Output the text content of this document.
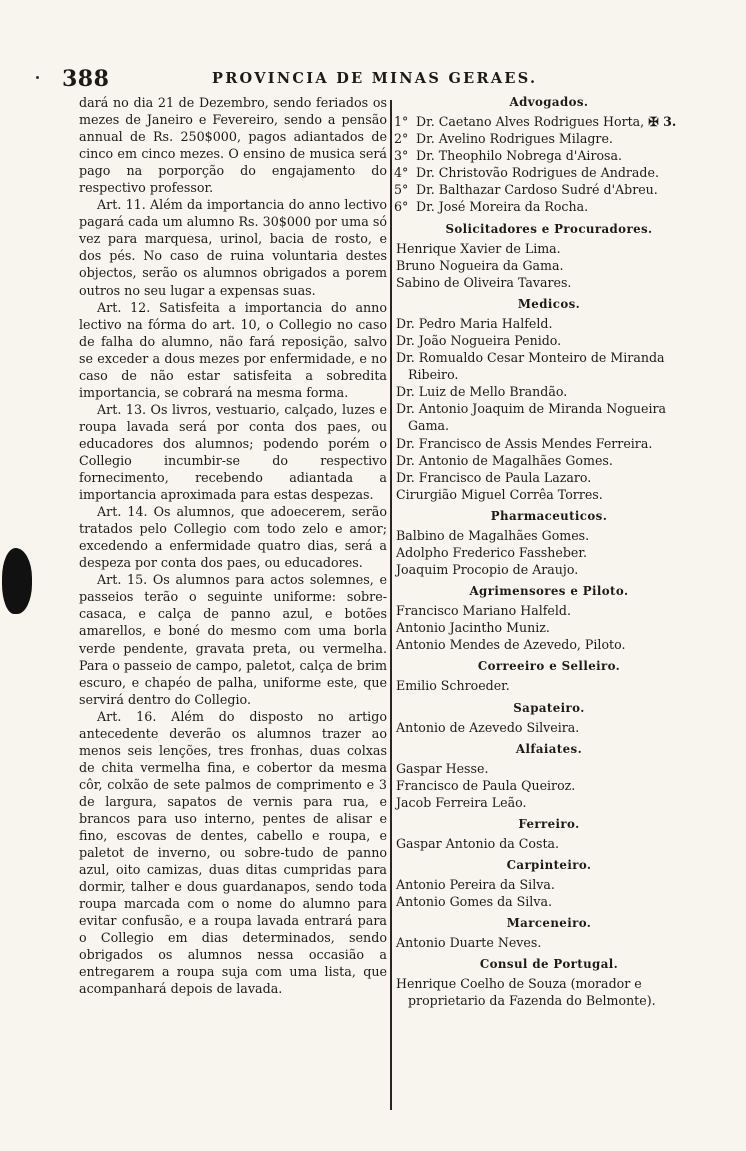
388	PROVINCIA DE MINAS GERAES.

dará no dia 21 de Dezembro, sendo feriados os mezes de Janeiro e Fevereiro, sendo a pensão annual de Rs. 250$000, pagos adiantados de cinco em cinco mezes. O ensino de musica será pago na porporção do engajamento do respectivo professor.

Art. 11. Além da importancia do anno lectivo pagará cada um alumno Rs. 30$000 por uma só vez para marquesa, urinol, bacia de rosto, e dos pés. No caso de ruina voluntaria destes objectos, serão os alumnos obrigados a porem outros no seu lugar a expensas suas.

Art. 12. Satisfeita a importancia do anno lectivo na fórma do art. 10, o Collegio no caso de falha do alumno, não fará reposição, salvo se exceder a dous mezes por enfermidade, e no caso de não estar satisfeita a sobredita importancia, se cobrará na mesma forma.

Art. 13. Os livros, vestuario, calçado, luzes e roupa lavada será por conta dos paes, ou educadores dos alumnos; podendo porém o Collegio incumbir-se do respectivo fornecimento, recebendo adiantada a importancia aproximada para estas despezas.

Art. 14. Os alumnos, que adoecerem, serão tratados pelo Collegio com todo zelo e amor; excedendo a enfermidade quatro dias, será a despeza por conta dos paes, ou educadores.

Art. 15. Os alumnos para actos solemnes, e passeios terão o seguinte uniforme: sobre-casaca, e calça de panno azul, e botões amarellos, e boné do mesmo com uma borla verde pendente, gravata preta, ou vermelha. Para o passeio de campo, paletot, calça de brim escuro, e chapéo de palha, uniforme este, que servirá dentro do Collegio.

Art. 16. Além do disposto no artigo antecedente deverão os alumnos trazer ao menos seis lenções, tres fronhas, duas colxas de chita vermelha fina, e cobertor da mesma côr, colxão de sete palmos de comprimento e 3 de largura, sapatos de vernis para rua, e brancos para uso interno, pentes de alisar e fino, escovas de dentes, cabello e roupa, e paletot de inverno, ou sobre-tudo de panno azul, oito camizas, duas ditas cumpridas para dormir, talher e dous guardanapos, sendo toda roupa marcada com o nome do alumno para evitar confusão, e a roupa lavada entrará para o Collegio em dias determinados, sendo obrigados os alumnos nessa occasião a entregarem a roupa suja com uma lista, que acompanhará depois de lavada.

Advogados.
1° Dr. Caetano Alves Rodrigues Horta, ✠ 3.
2° Dr. Avelino Rodrigues Milagre.
3° Dr. Theophilo Nobrega d'Airosa.
4° Dr. Christovão Rodrigues de Andrade.
5° Dr. Balthazar Cardoso Sudré d'Abreu.
6° Dr. José Moreira da Rocha.
Solicitadores e Procuradores.
Henrique Xavier de Lima.
Bruno Nogueira da Gama.
Sabino de Oliveira Tavares.
Medicos.
Dr. Pedro Maria Halfeld.
Dr. João Nogueira Penido.
Dr. Romualdo Cesar Monteiro de Miranda Ribeiro.
Dr. Luiz de Mello Brandão.
Dr. Antonio Joaquim de Miranda Nogueira Gama.
Dr. Francisco de Assis Mendes Ferreira.
Dr. Antonio de Magalhães Gomes.
Dr. Francisco de Paula Lazaro.
Cirurgião Miguel Corrêa Torres.
Pharmaceuticos.
Balbino de Magalhães Gomes.
Adolpho Frederico Fassheber.
Joaquim Procopio de Araujo.
Agrimensores e Piloto.
Francisco Mariano Halfeld.
Antonio Jacintho Muniz.
Antonio Mendes de Azevedo, Piloto.
Correeiro e Selleiro.
Emilio Schroeder.
Sapateiro.
Antonio de Azevedo Silveira.
Alfaiates.
Gaspar Hesse.
Francisco de Paula Queiroz.
Jacob Ferreira Leão.
Ferreiro.
Gaspar Antonio da Costa.
Carpinteiro.
Antonio Pereira da Silva.
Antonio Gomes da Silva.
Marceneiro.
Antonio Duarte Neves.
Consul de Portugal.
Henrique Coelho de Souza (morador e proprietario da Fazenda do Belmonte).
